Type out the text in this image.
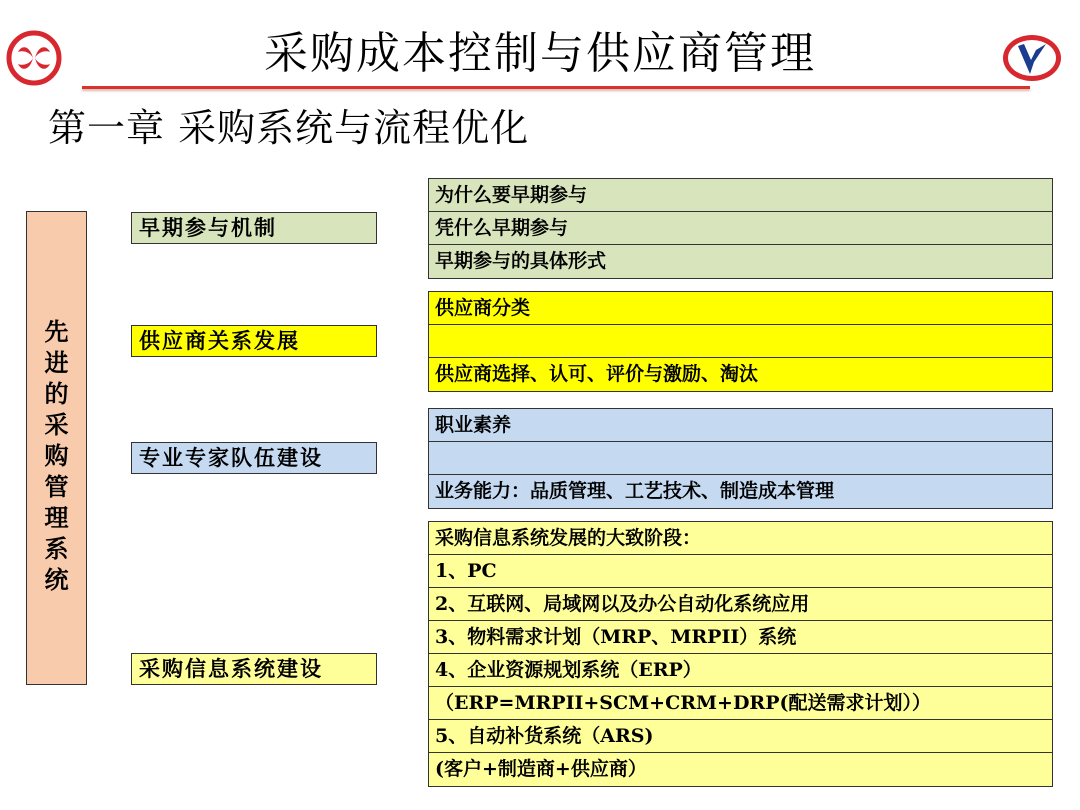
采购成本控制与供应商管理
第一章 采购系统与流程优化
先
进
的
采
购
管
理
系
统
早期参与机制
供应商关系发展
专业专家队伍建设
采购信息系统建设
为什么要早期参与
凭什么早期参与
早期参与的具体形式
供应商分类
供应商选择、认可、评价与激励、淘汰
职业素养
业务能力：品质管理、工艺技术、制造成本管理
采购信息系统发展的大致阶段：
1、PC
2、互联网、局域网以及办公自动化系统应用
3、物料需求计划（MRP、MRPII）系统
4、企业资源规划系统（ERP）
（ERP=MRPII+SCM+CRM+DRP(配送需求计划））
5、自动补货系统（ARS)
(客户+制造商+供应商）
